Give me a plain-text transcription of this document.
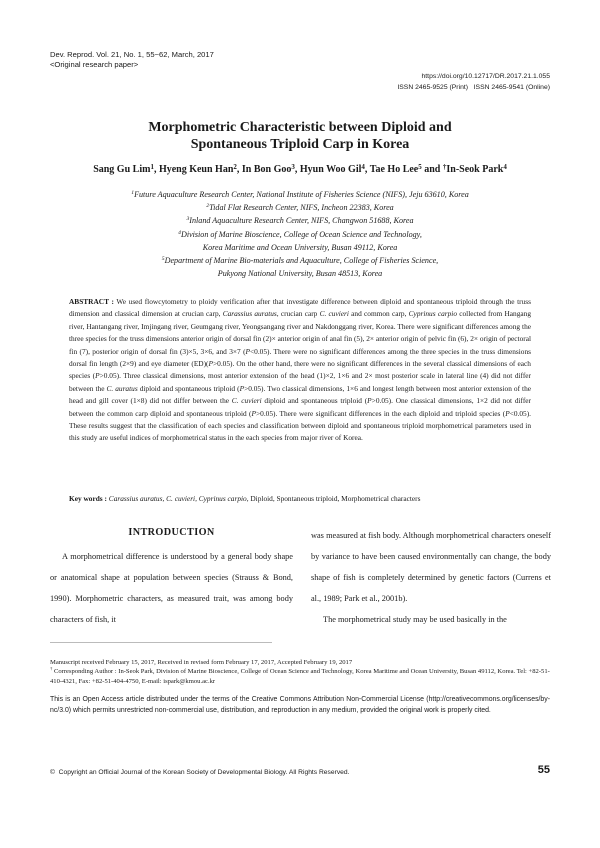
Dev. Reprod. Vol. 21, No. 1, 55~62, March, 2017
<Original research paper>
https://doi.org/10.12717/DR.2017.21.1.055
ISSN 2465-9525 (Print)   ISSN 2465-9541 (Online)
Morphometric Characteristic between Diploid and
Spontaneous Triploid Carp in Korea
Sang Gu Lim$^1$, Hyeng Keun Han$^2$, In Bon Goo$^3$, Hyun Woo Gil$^4$, Tae Ho Lee$^5$ and †In-Seok Park$^4$
$^1$Future Aquaculture Research Center, National Institute of Fisheries Science (NIFS), Jeju 63610, Korea
$^2$Tidal Flat Research Center, NIFS, Incheon 22383, Korea
$^3$Inland Aquaculture Research Center, NIFS, Changwon 51688, Korea
$^4$Division of Marine Bioscience, College of Ocean Science and Technology,
Korea Maritime and Ocean University, Busan 49112, Korea
$^5$Department of Marine Bio-materials and Aquaculture, College of Fisheries Science,
Pukyong National University, Busan 48513, Korea
ABSTRACT : We used flowcytometry to ploidy verification after that investigate difference between diploid and spontaneous triploid through the truss dimension and classical dimension at crucian carp, Carassius auratus, crucian carp C. cuvieri and common carp, Cyprinus carpio collected from Hangang river, Hantangang river, Imjingang river, Geumgang river, Yeongsangang river and Nakdonggang river, Korea. There were significant differences among the three species for the truss dimensions anterior origin of dorsal fin (2)× anterior origin of anal fin (5), 2× anterior origin of pelvic fin (6), 2× origin of pectoral fin (7), posterior origin of dorsal fin (3)×5, 3×6, and 3×7 (P<0.05). There were no significant differences among the three species in the truss dimensions dorsal fin length (2×9) and eye diameter (ED)(P>0.05). On the other hand, there were no significant differences in the several classical dimensions of each species (P>0.05). Three classical dimensions, most anterior extension of the head (1)×2, 1×6 and 2× most posterior scale in lateral line (4) did not differ between the C. auratus diploid and spontaneous triploid (P>0.05). Two classical dimensions, 1×6 and longest length between most anterior extension of the head and gill cover (1×8) did not differ between the C. cuvieri diploid and spontaneous triploid (P>0.05). One classical dimensions, 1×2 did not differ between the common carp diploid and spontaneous triploid (P>0.05). There were significant differences in the each diploid and triploid species (P<0.05). These results suggest that the classification of each species and classification between diploid and spontaneous triploid morphometrical parameters used in this study are useful indices of morphometrical status in the each species from major river of Korea.
Key words : Carassius auratus, C. cuvieri, Cyprinus carpio, Diploid, Spontaneous triploid, Morphometrical characters
INTRODUCTION

A morphometrical difference is understood by a general body shape or anatomical shape at population between species (Strauss & Bond, 1990). Morphometric characters, as measured trait, was among body characters of fish, it

was measured at fish body. Although morphometrical characters oneself by variance to have been caused environmentally can change, the body shape of fish is completely determined by genetic factors (Currens et al., 1989; Park et al., 2001b).

The morphometrical study may be used basically in the

Manuscript received February 15, 2017, Received in revised form February 17, 2017, Accepted February 19, 2017
† Corresponding Author : In-Seok Park, Division of Marine Bioscience, College of Ocean Science and Technology, Korea Maritime and Ocean University, Busan 49112, Korea. Tel: +82-51-410-4321, Fax: +82-51-404-4750, E-mail: ispark@kmou.ac.kr
This is an Open Access article distributed under the terms of the Creative Commons Attribution Non-Commercial License (http://creativecommons.org/licenses/by-nc/3.0) which permits unrestricted non-commercial use, distribution, and reproduction in any medium, provided the original work is properly cited.
©  Copyright an Official Journal of the Korean Society of Developmental Biology. All Rights Reserved.	55
